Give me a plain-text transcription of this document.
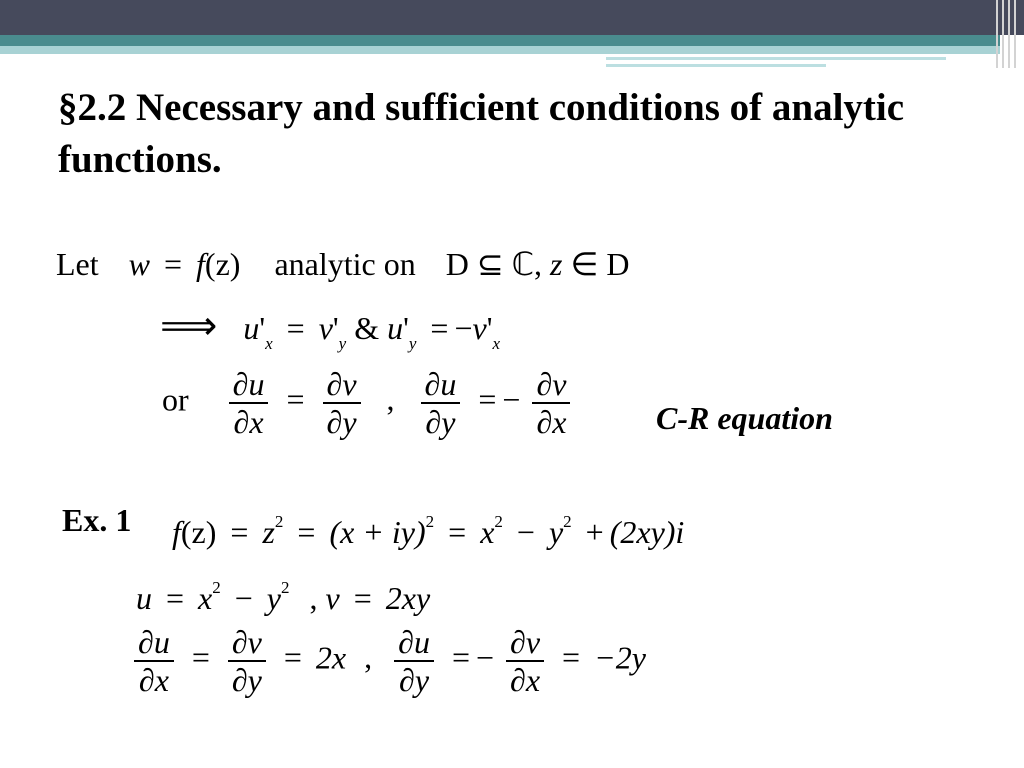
§2.2 Necessary and sufficient conditions of analytic functions.
Let w = f(z) analytic on D ⊆ ℂ, z ∈ D
⟹ $u'_x = v'_y$ & $u'_y = -v'_x$
or $\frac{\partial u}{\partial x} = \frac{\partial v}{\partial y}$ , $\frac{\partial u}{\partial y}$ = − $\frac{\partial v}{\partial x}$	C-R equation
Ex. 1 $f(z) = z^2 = (x + iy)^2 = x^2 - y^2 + (2xy)i$
$u = x^2 - y^2$ , v = 2xy
$\frac{\partial u}{\partial x} = \frac{\partial v}{\partial y} = 2x$ , $\frac{\partial u}{\partial y}$ = − $\frac{\partial v}{\partial x} = -2y$
